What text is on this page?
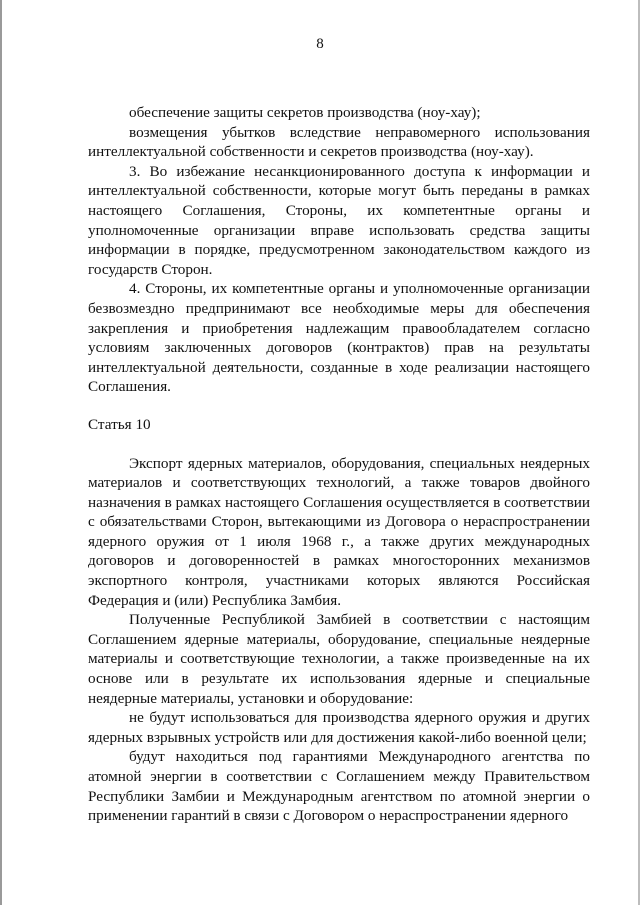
8

обеспечение защиты секретов производства (ноу-хау);

возмещения убытков вследствие неправомерного использования интеллектуальной собственности и секретов производства (ноу-хау).

3. Во избежание несанкционированного доступа к информации и интеллектуальной собственности, которые могут быть переданы в рамках настоящего Соглашения, Стороны, их компетентные органы и уполномоченные организации вправе использовать средства защиты информации в порядке, предусмотренном законодательством каждого из государств Сторон.

4. Стороны, их компетентные органы и уполномоченные организации безвозмездно предпринимают все необходимые меры для обеспечения закрепления и приобретения надлежащим правообладателем согласно условиям заключенных договоров (контрактов) прав на результаты интеллектуальной деятельности, созданные в ходе реализации настоящего Соглашения.

Статья 10

Экспорт ядерных материалов, оборудования, специальных неядерных материалов и соответствующих технологий, а также товаров двойного назначения в рамках настоящего Соглашения осуществляется в соответствии с обязательствами Сторон, вытекающими из Договора о нераспространении ядерного оружия от 1 июля 1968 г., а также других международных договоров и договоренностей в рамках многосторонних механизмов экспортного контроля, участниками которых являются Российская Федерация и (или) Республика Замбия.

Полученные Республикой Замбией в соответствии с настоящим Соглашением ядерные материалы, оборудование, специальные неядерные материалы и соответствующие технологии, а также произведенные на их основе или в результате их использования ядерные и специальные неядерные материалы, установки и оборудование:

не будут использоваться для производства ядерного оружия и других ядерных взрывных устройств или для достижения какой-либо военной цели;

будут находиться под гарантиями Международного агентства по атомной энергии в соответствии с Соглашением между Правительством Республики Замбии и Международным агентством по атомной энергии о применении гарантий в связи с Договором о нераспространении ядерного
